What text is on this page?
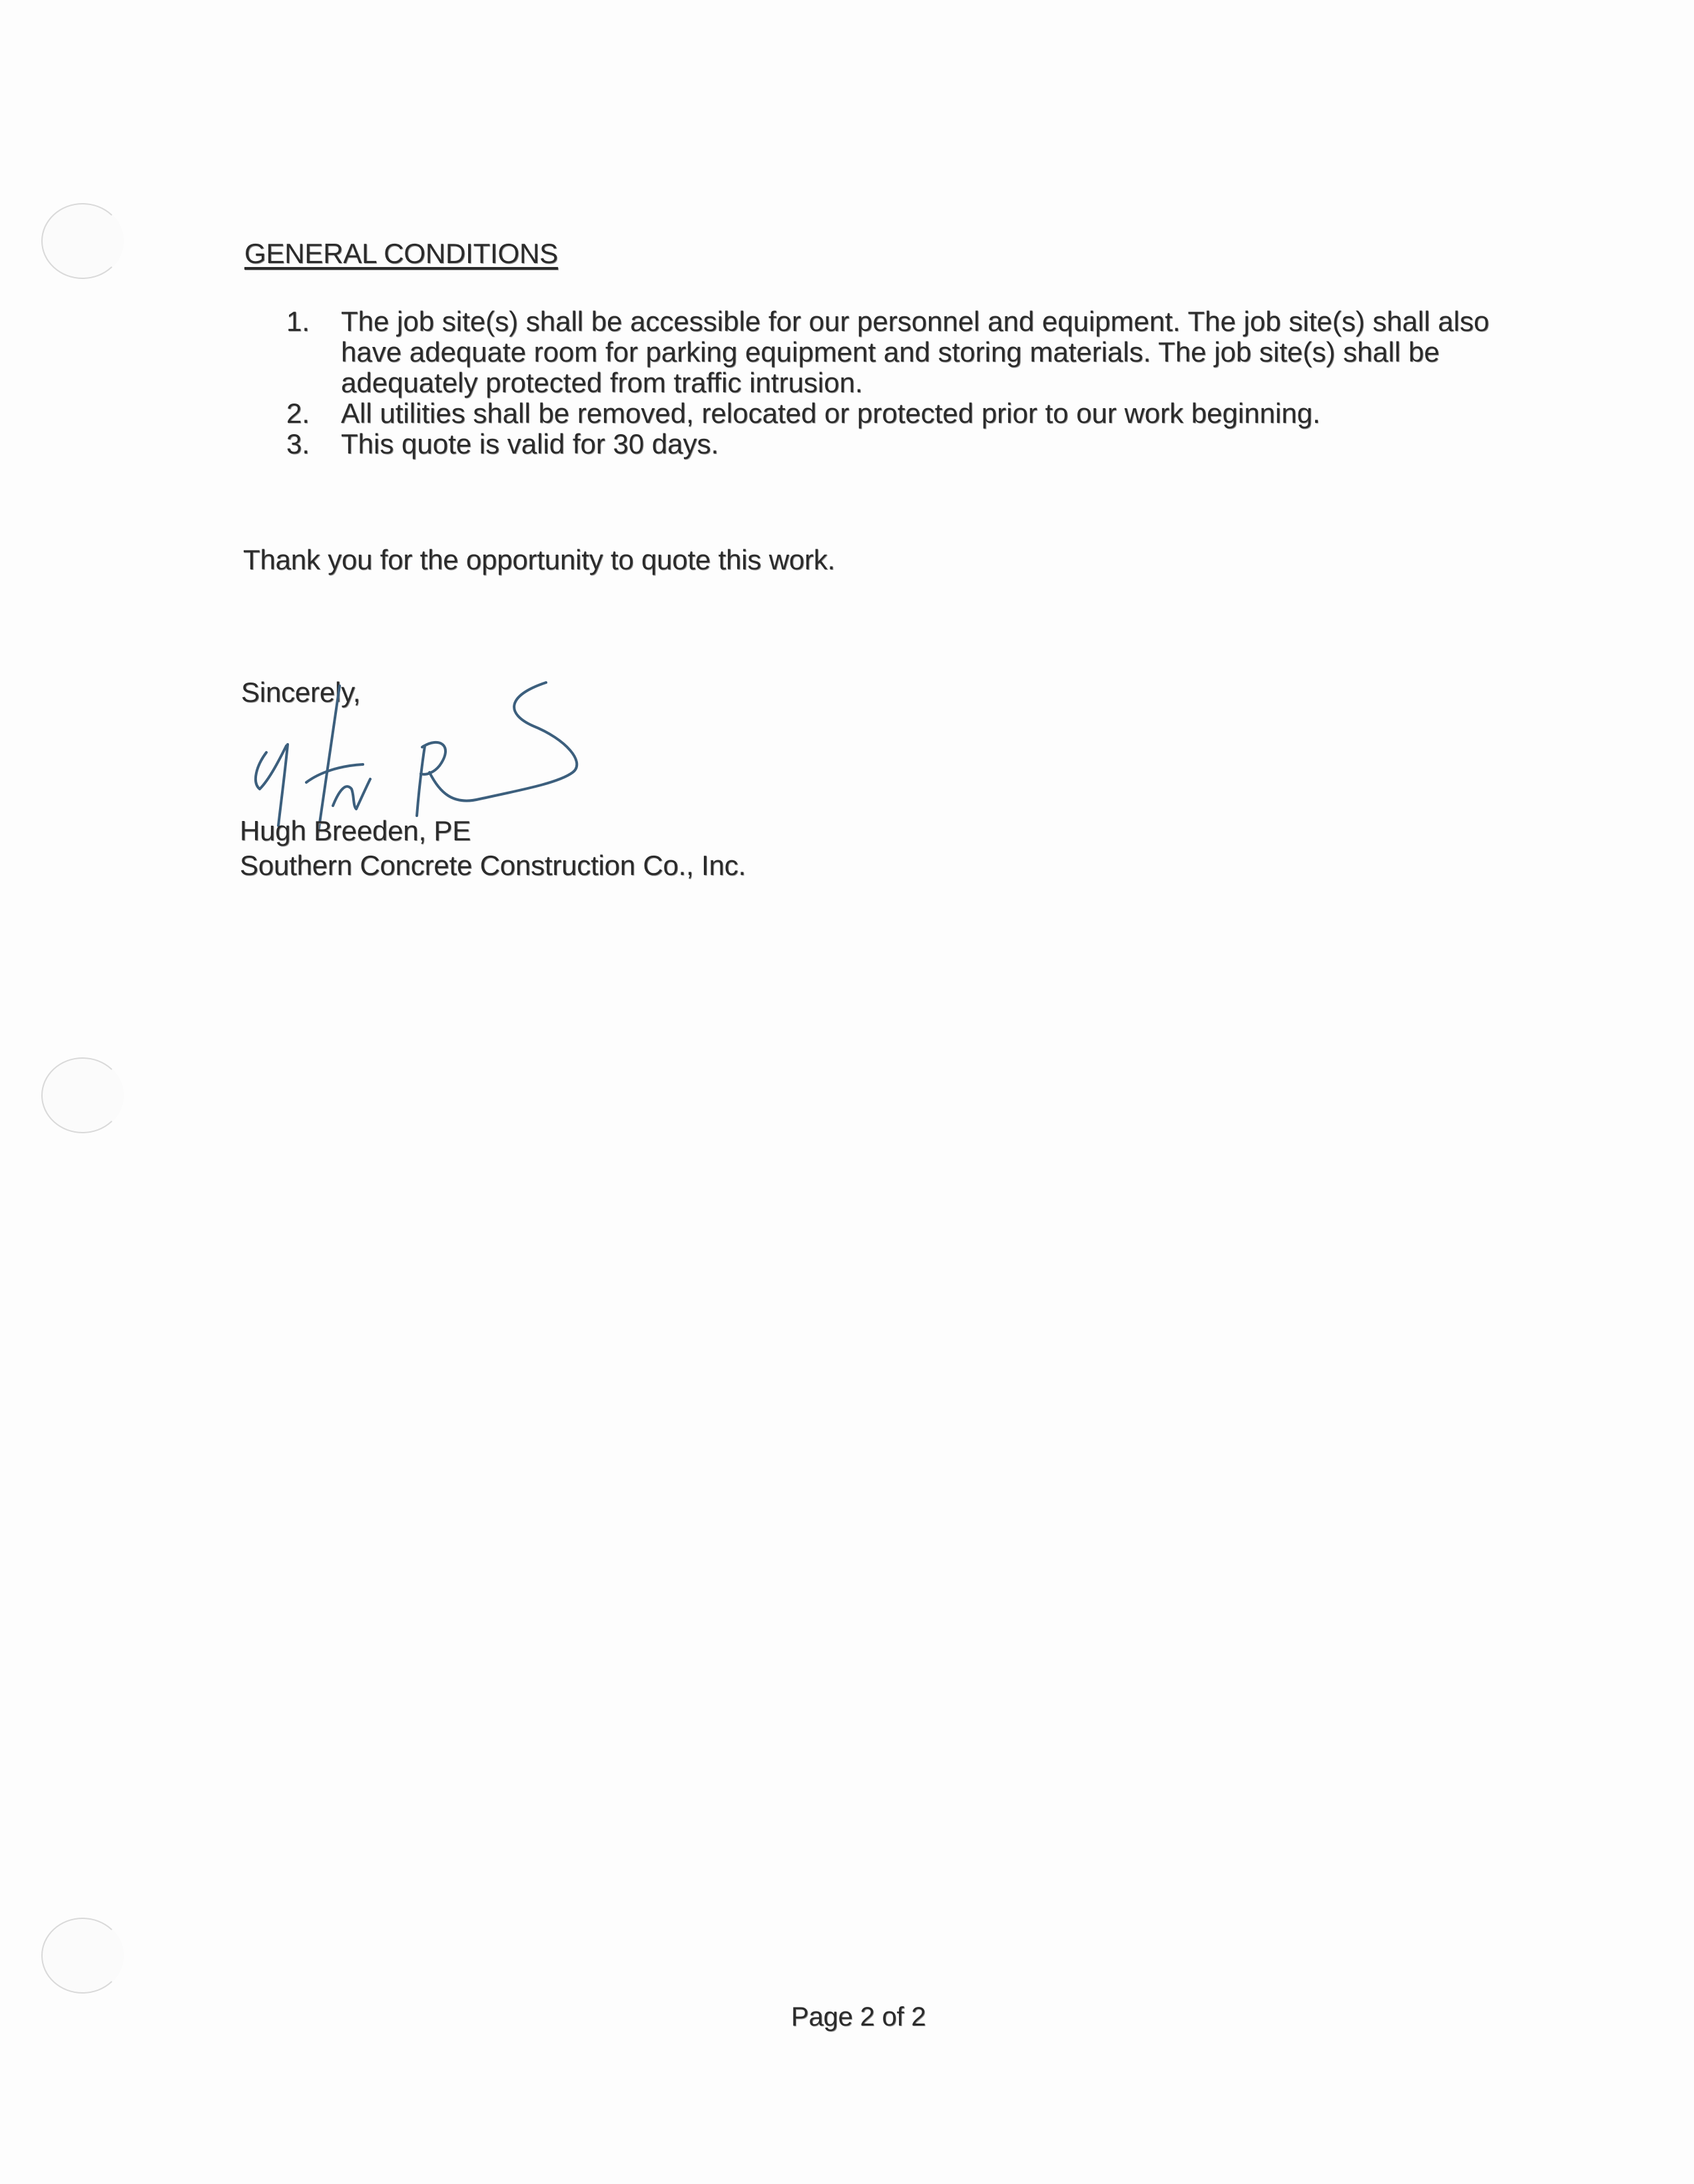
GENERAL CONDITIONS
1. The job site(s) shall be accessible for our personnel and equipment. The job site(s) shall also have adequate room for parking equipment and storing materials. The job site(s) shall be adequately protected from traffic intrusion.
2. All utilities shall be removed, relocated or protected prior to our work beginning.
3. This quote is valid for 30 days.
Thank you for the opportunity to quote this work.
Sincerely,
Hugh Breeden, PE
Southern Concrete Construction Co., Inc.
Page 2 of 2
